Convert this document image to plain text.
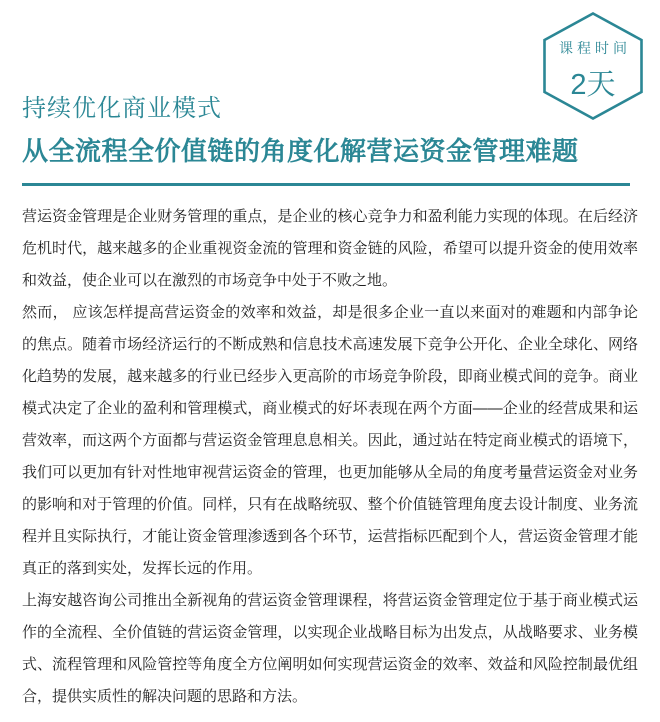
课程时间
2天
持续优化商业模式
从全流程全价值链的角度化解营运资金管理难题

营运资金管理是企业财务管理的重点，是企业的核心竞争力和盈利能力实现的体现。在后经济危机时代，越来越多的企业重视资金流的管理和资金链的风险，希望可以提升资金的使用效率和效益，使企业可以在激烈的市场竞争中处于不败之地。

然而， 应该怎样提高营运资金的效率和效益，却是很多企业一直以来面对的难题和内部争论的焦点。随着市场经济运行的不断成熟和信息技术高速发展下竞争公开化、企业全球化、网络化趋势的发展，越来越多的行业已经步入更高阶的市场竞争阶段，即商业模式间的竞争。商业模式决定了企业的盈利和管理模式，商业模式的好坏表现在两个方面——企业的经营成果和运营效率，而这两个方面都与营运资金管理息息相关。因此，通过站在特定商业模式的语境下，我们可以更加有针对性地审视营运资金的管理，也更加能够从全局的角度考量营运资金对业务的影响和对于管理的价值。同样，只有在战略统驭、整个价值链管理角度去设计制度、业务流程并且实际执行，才能让资金管理渗透到各个环节，运营指标匹配到个人，营运资金管理才能真正的落到实处，发挥长远的作用。

上海安越咨询公司推出全新视角的营运资金管理课程，将营运资金管理定位于基于商业模式运作的全流程、全价值链的营运资金管理，以实现企业战略目标为出发点，从战略要求、业务模式、流程管理和风险管控等角度全方位阐明如何实现营运资金的效率、效益和风险控制最优组合，提供实质性的解决问题的思路和方法。
